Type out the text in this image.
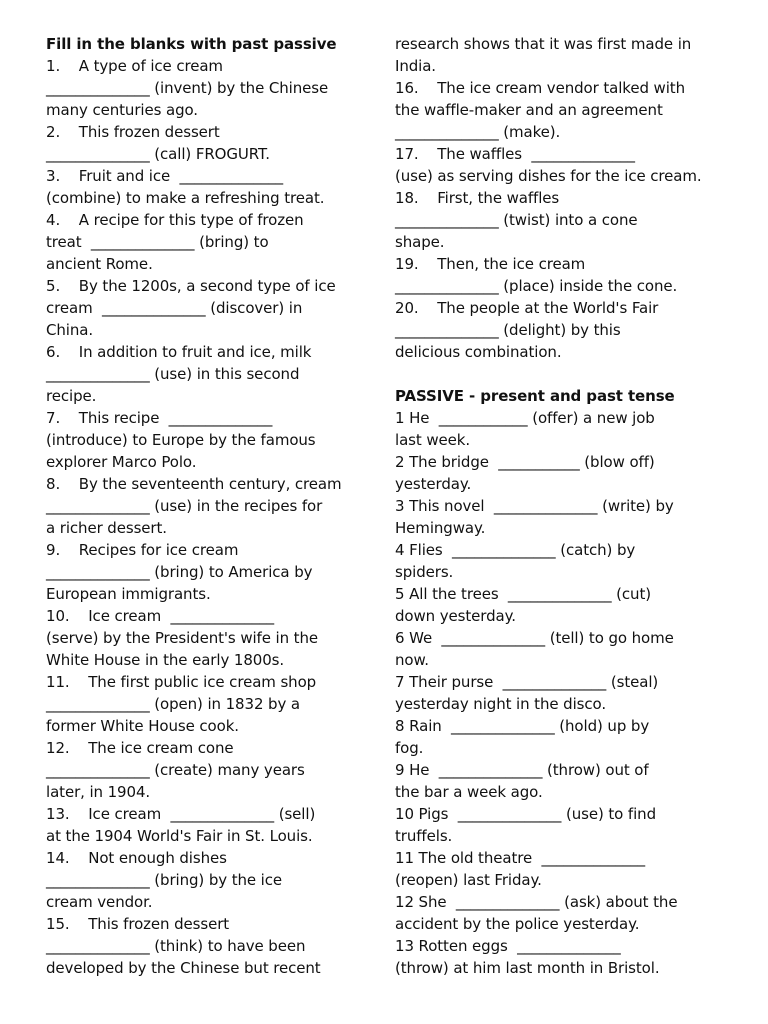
Fill in the blanks with past passive
1.    A type of ice cream
______________ (invent) by the Chinese
many centuries ago.
2.    This frozen dessert
______________ (call) FROGURT.
3.    Fruit and ice  ______________
(combine) to make a refreshing treat.
4.    A recipe for this type of frozen
treat  ______________ (bring) to
ancient Rome.
5.    By the 1200s, a second type of ice
cream  ______________ (discover) in
China.
6.    In addition to fruit and ice, milk
______________ (use) in this second
recipe.
7.    This recipe  ______________
(introduce) to Europe by the famous
explorer Marco Polo.
8.    By the seventeenth century, cream
______________ (use) in the recipes for
a richer dessert.
9.    Recipes for ice cream
______________ (bring) to America by
European immigrants.
10.    Ice cream  ______________
(serve) by the President's wife in the
White House in the early 1800s.
11.    The first public ice cream shop
______________ (open) in 1832 by a
former White House cook.
12.    The ice cream cone
______________ (create) many years
later, in 1904.
13.    Ice cream  ______________ (sell)
at the 1904 World's Fair in St. Louis.
14.    Not enough dishes
______________ (bring) by the ice
cream vendor.
15.    This frozen dessert
______________ (think) to have been
developed by the Chinese but recent
research shows that it was first made in
India.
16.    The ice cream vendor talked with
the waffle-maker and an agreement
______________ (make).
17.    The waffles  ______________
(use) as serving dishes for the ice cream.
18.    First, the waffles
______________ (twist) into a cone
shape.
19.    Then, the ice cream
______________ (place) inside the cone.
20.    The people at the World's Fair
______________ (delight) by this
delicious combination.
PASSIVE - present and past tense
1 He  ____________ (offer) a new job
last week.
2 The bridge  ___________ (blow off)
yesterday.
3 This novel  ______________ (write) by
Hemingway.
4 Flies  ______________ (catch) by
spiders.
5 All the trees  ______________ (cut)
down yesterday.
6 We  ______________ (tell) to go home
now.
7 Their purse  ______________ (steal)
yesterday night in the disco.
8 Rain  ______________ (hold) up by
fog.
9 He  ______________ (throw) out of
the bar a week ago.
10 Pigs  ______________ (use) to find
truffels.
11 The old theatre  ______________
(reopen) last Friday.
12 She  ______________ (ask) about the
accident by the police yesterday.
13 Rotten eggs  ______________
(throw) at him last month in Bristol.
